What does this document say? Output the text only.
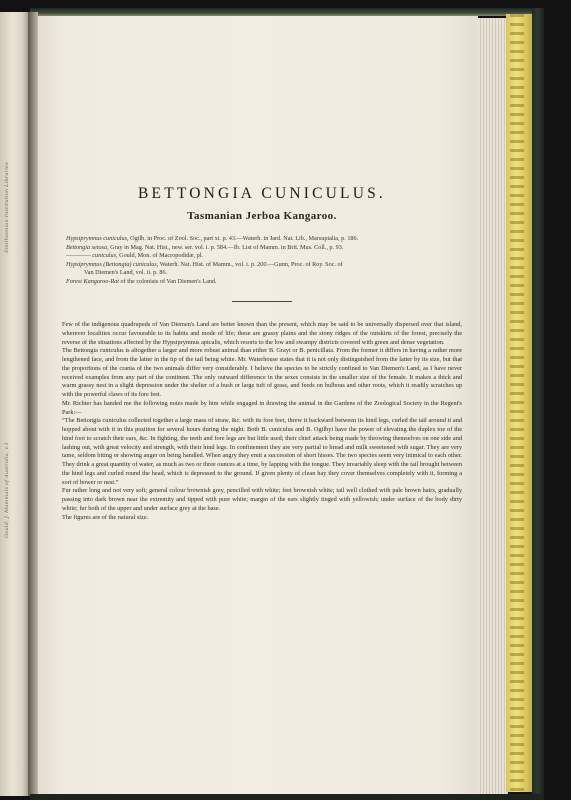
Smithsonian Institution Libraries
Gould, J. Mammals of Australia, v.1
BETTONGIA CUNICULUS.
Tasmanian Jerboa Kangaroo.

Hypsiprymnus cuniculus, Ogilb. in Proc. of Zool. Soc., part xi. p. 43.—Waterh. in Jard. Nat. Lib., Marsupialia, p. 186.

Bettongia setosa, Gray in Mag. Nat. Hist., new. ser. vol. i. p. 584.—Ib. List of Mamm. in Brit. Mus. Coll., p. 93.

———— cuniculus, Gould, Mon. of Macropodidæ, pl.

Hypsiprymnus (Bettongia) cuniculus, Waterh. Nat. Hist. of Mamm., vol. i. p. 200.—Gunn, Proc. of Roy. Soc. of

Van Diemen's Land, vol. ii. p. 86.

Forest Kangaroo-Rat of the colonists of Van Diemen's Land.

Few of the indigenous quadrupeds of Van Diemen's Land are better known than the present, which may be said to be universally dispersed over that island, wherever localities occur favourable to its habits and mode of life; these are grassy plains and the stony ridges of the outskirts of the forest, precisely the reverse of the situations affected by the Hypsiprymnus apicalis, which resorts to the low and swampy districts covered with green and dense vegetation.

The Bettongia cuniculus is altogether a larger and more robust animal than either B. Grayi or B. penicillata. From the former it differs in having a rather more lengthened face, and from the latter in the tip of the tail being white. Mr. Waterhouse states that it is not only distinguished from the latter by its size, but that the proportions of the crania of the two animals differ very considerably. I believe the species to be strictly confined to Van Diemen's Land, as I have never received examples from any part of the continent. The only outward difference in the sexes consists in the smaller size of the female. It makes a thick and warm grassy nest in a slight depression under the shelter of a bush or large tuft of grass, and feeds on bulbous and other roots, which it readily scratches up with the powerful claws of its fore feet.

Mr. Richter has handed me the following notes made by him while engaged in drawing the animal in the Gardens of the Zoological Society in the Regent's Park:—

“The Bettongia cuniculus collected together a large mass of straw, &c. with its fore feet, threw it backward between its hind legs, curled the tail around it and hopped about with it in this position for several hours during the night. Both B. cuniculus and B. Ogilbyi have the power of elevating the duplex toe of the hind foot to scratch their ears, &c. In fighting, the teeth and fore legs are but little used; their chief attack being made by throwing themselves on one side and lashing out, with great velocity and strength, with their hind legs. In confinement they are very partial to bread and milk sweetened with sugar. They are very tame, seldom biting or showing anger on being handled. When angry they emit a succession of short hisses. The two species seem very inimical to each other. They drink a great quantity of water, as much as two or three ounces at a time, by lapping with the tongue. They invariably sleep with the tail brought between the hind legs and curled round the head, which is depressed to the ground. If given plenty of clean hay they cover themselves completely with it, forming a sort of bower or nest.”

Fur rather long and not very soft; general colour brownish grey, pencilled with white; feet brownish white; tail well clothed with pale brown hairs, gradually passing into dark brown near the extremity and tipped with pure white; margin of the ears slightly tinged with yellowish; under surface of the body dirty white; fur both of the upper and under surface grey at the base.

The figures are of the natural size.
